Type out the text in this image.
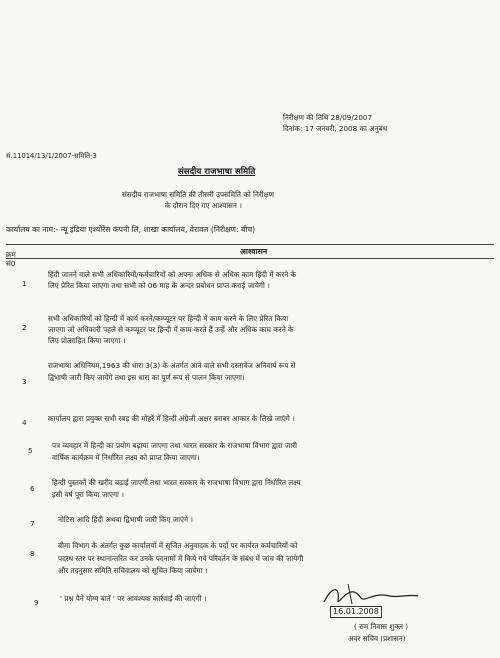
निरीक्षण की तिथि 28/09/2007
दिनांक: 17 जनवरी, 2008 का अनुबंध
सं.11014/13/1/2007-समिति-3
संसदीय राजभाषा समिति
संसदीय राजभाषा समिति की तीसरी उपसमिति को निरीक्षण
के दौरान दिए गए आश्वासन ।
कार्यालय का नाम:- न्यू इंडिया एश्योरेंस कंपनी लि, शाखा कार्यालय, वेरावल (निरीक्षण: बीच)
क्रम
सं0
आश्वासन
1
हिंदी जानने वाले सभी अधिकारियों/कर्मचारियों को अपना अधिक से अधिक काम हिंदी में करने के
लिए प्रेरित किया जाएगा तथा सभी को 06 माह के अन्दर प्रबोधन प्राप्त कराई जायेगी ।
2
सभी अधिकारियों को हिन्दी में कार्य करने/कम्प्यूटर पर हिन्दी में काम करने के लिए प्रेरित किया
जाएगा जो अधिकारी पहले से कम्प्यूटर पर हिन्दी में काम करते हैं उन्हें और अधिक काम करने के
लिए प्रोत्साहित किया जाएगा ।
3
राजभाषा अधिनियम,1963 की धारा 3(3) के अंतर्गत आने वाले सभी दस्तावेज अनिवार्य रूप से
द्विभाषी जारी किए जायेंगे तथा इस धारा का पूर्ण रूप से पालन किया जाएगा।
4	कार्यालय द्वारा प्रयुक्त सभी रबड़ की मोहरें में हिन्दी अंग्रेजी अक्षर बराबर आकार के लिखे जाएंगे ।
5
पत्र व्यवहार में हिन्दी का प्रयोग बढ़ाया जाएगा तथा भारत सरकार के राजभाषा विभाग द्वारा जारी
वार्षिक कार्यक्रम में निर्धारित लक्ष्य को प्राप्त किया जाएगा।
6
हिन्दी पुस्तकों की खरीद बढ़ाई जाएगी तथा भारत सरकार के राजभाषा विभाग द्वारा निर्धारित लक्ष्य
इसी वर्ष पूरा किया जाएगा ।
7	नोटिस आदि हिंदी अथवा द्विभाषी जारी किए जाएंगे ।
8
बीमा विभाग के अंतर्गत कुछ कार्यालयों में सृजित अनुवादक के पदों पर कार्यरत कर्मचारियों को
पदस्थ स्तर पर स्थानान्तरित कर उनके पदनामों में किये गये परिवर्तन के संबंध में जांच की जायेगी
और तदनुसार समिति सचिवालय को सूचित किया जायेगा ।
9	' प्रश्न पैने योग्य बातें ' पर आवश्यक कार्रवाई की जाएगी ।
16.01.2008
( राम निवास शुक्ल )
अवर सचिव (प्रशासन)
